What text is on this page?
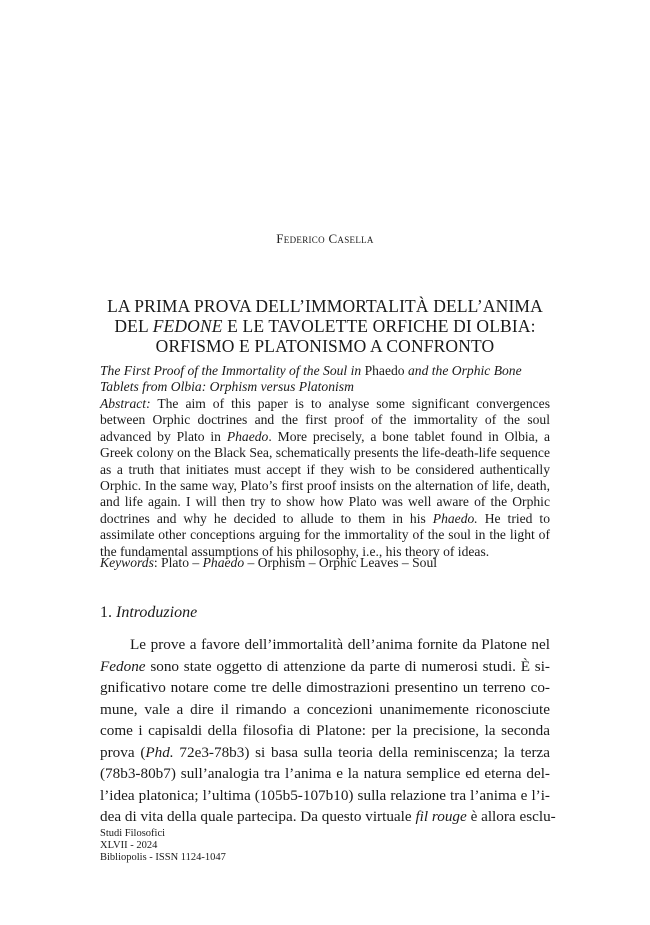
Federico Casella
LA PRIMA PROVA DELL’IMMORTALITÀ DELL’ANIMA
DEL FEDONE E LE TAVOLETTE ORFICHE DI OLBIA:
ORFISMO E PLATONISMO A CONFRONTO
The First Proof of the Immortality of the Soul in Phaedo and the Orphic Bone
Tablets from Olbia: Orphism versus Platonism
Abstract: The aim of this paper is to analyse some significant convergences between Orphic doctrines and the first proof of the immortality of the soul advanced by Plato in Phaedo. More precisely, a bone tablet found in Olbia, a Greek colony on the Black Sea, schematically presents the life-death-life sequence as a truth that initiates must accept if they wish to be considered authentically Orphic. In the same way, Plato’s first proof insists on the alternation of life, death, and life again. I will then try to show how Plato was well aware of the Orphic doctrines and why he decided to allude to them in his Phaedo. He tried to assimilate other conceptions arguing for the immortality of the soul in the light of the fundamental assumptions of his philosophy, i.e., his theory of ideas.
Keywords: Plato – Phaedo – Orphism – Orphic Leaves – Soul
1. Introduzione
Le prove a favore dell’immortalità dell’anima fornite da Platone nel
Fedone sono state oggetto di attenzione da parte di numerosi studi. È si-
gnificativo notare come tre delle dimostrazioni presentino un terreno co-
mune, vale a dire il rimando a concezioni unanimemente riconosciute
come i capisaldi della filosofia di Platone: per la precisione, la seconda
prova (Phd. 72e3-78b3) si basa sulla teoria della reminiscenza; la terza
(78b3-80b7) sull’analogia tra l’anima e la natura semplice ed eterna del-
l’idea platonica; l’ultima (105b5-107b10) sulla relazione tra l’anima e l’i-
dea di vita della quale partecipa. Da questo virtuale fil rouge è allora esclu-
Studi Filosofici
XLVII - 2024
Bibliopolis - ISSN 1124-1047
